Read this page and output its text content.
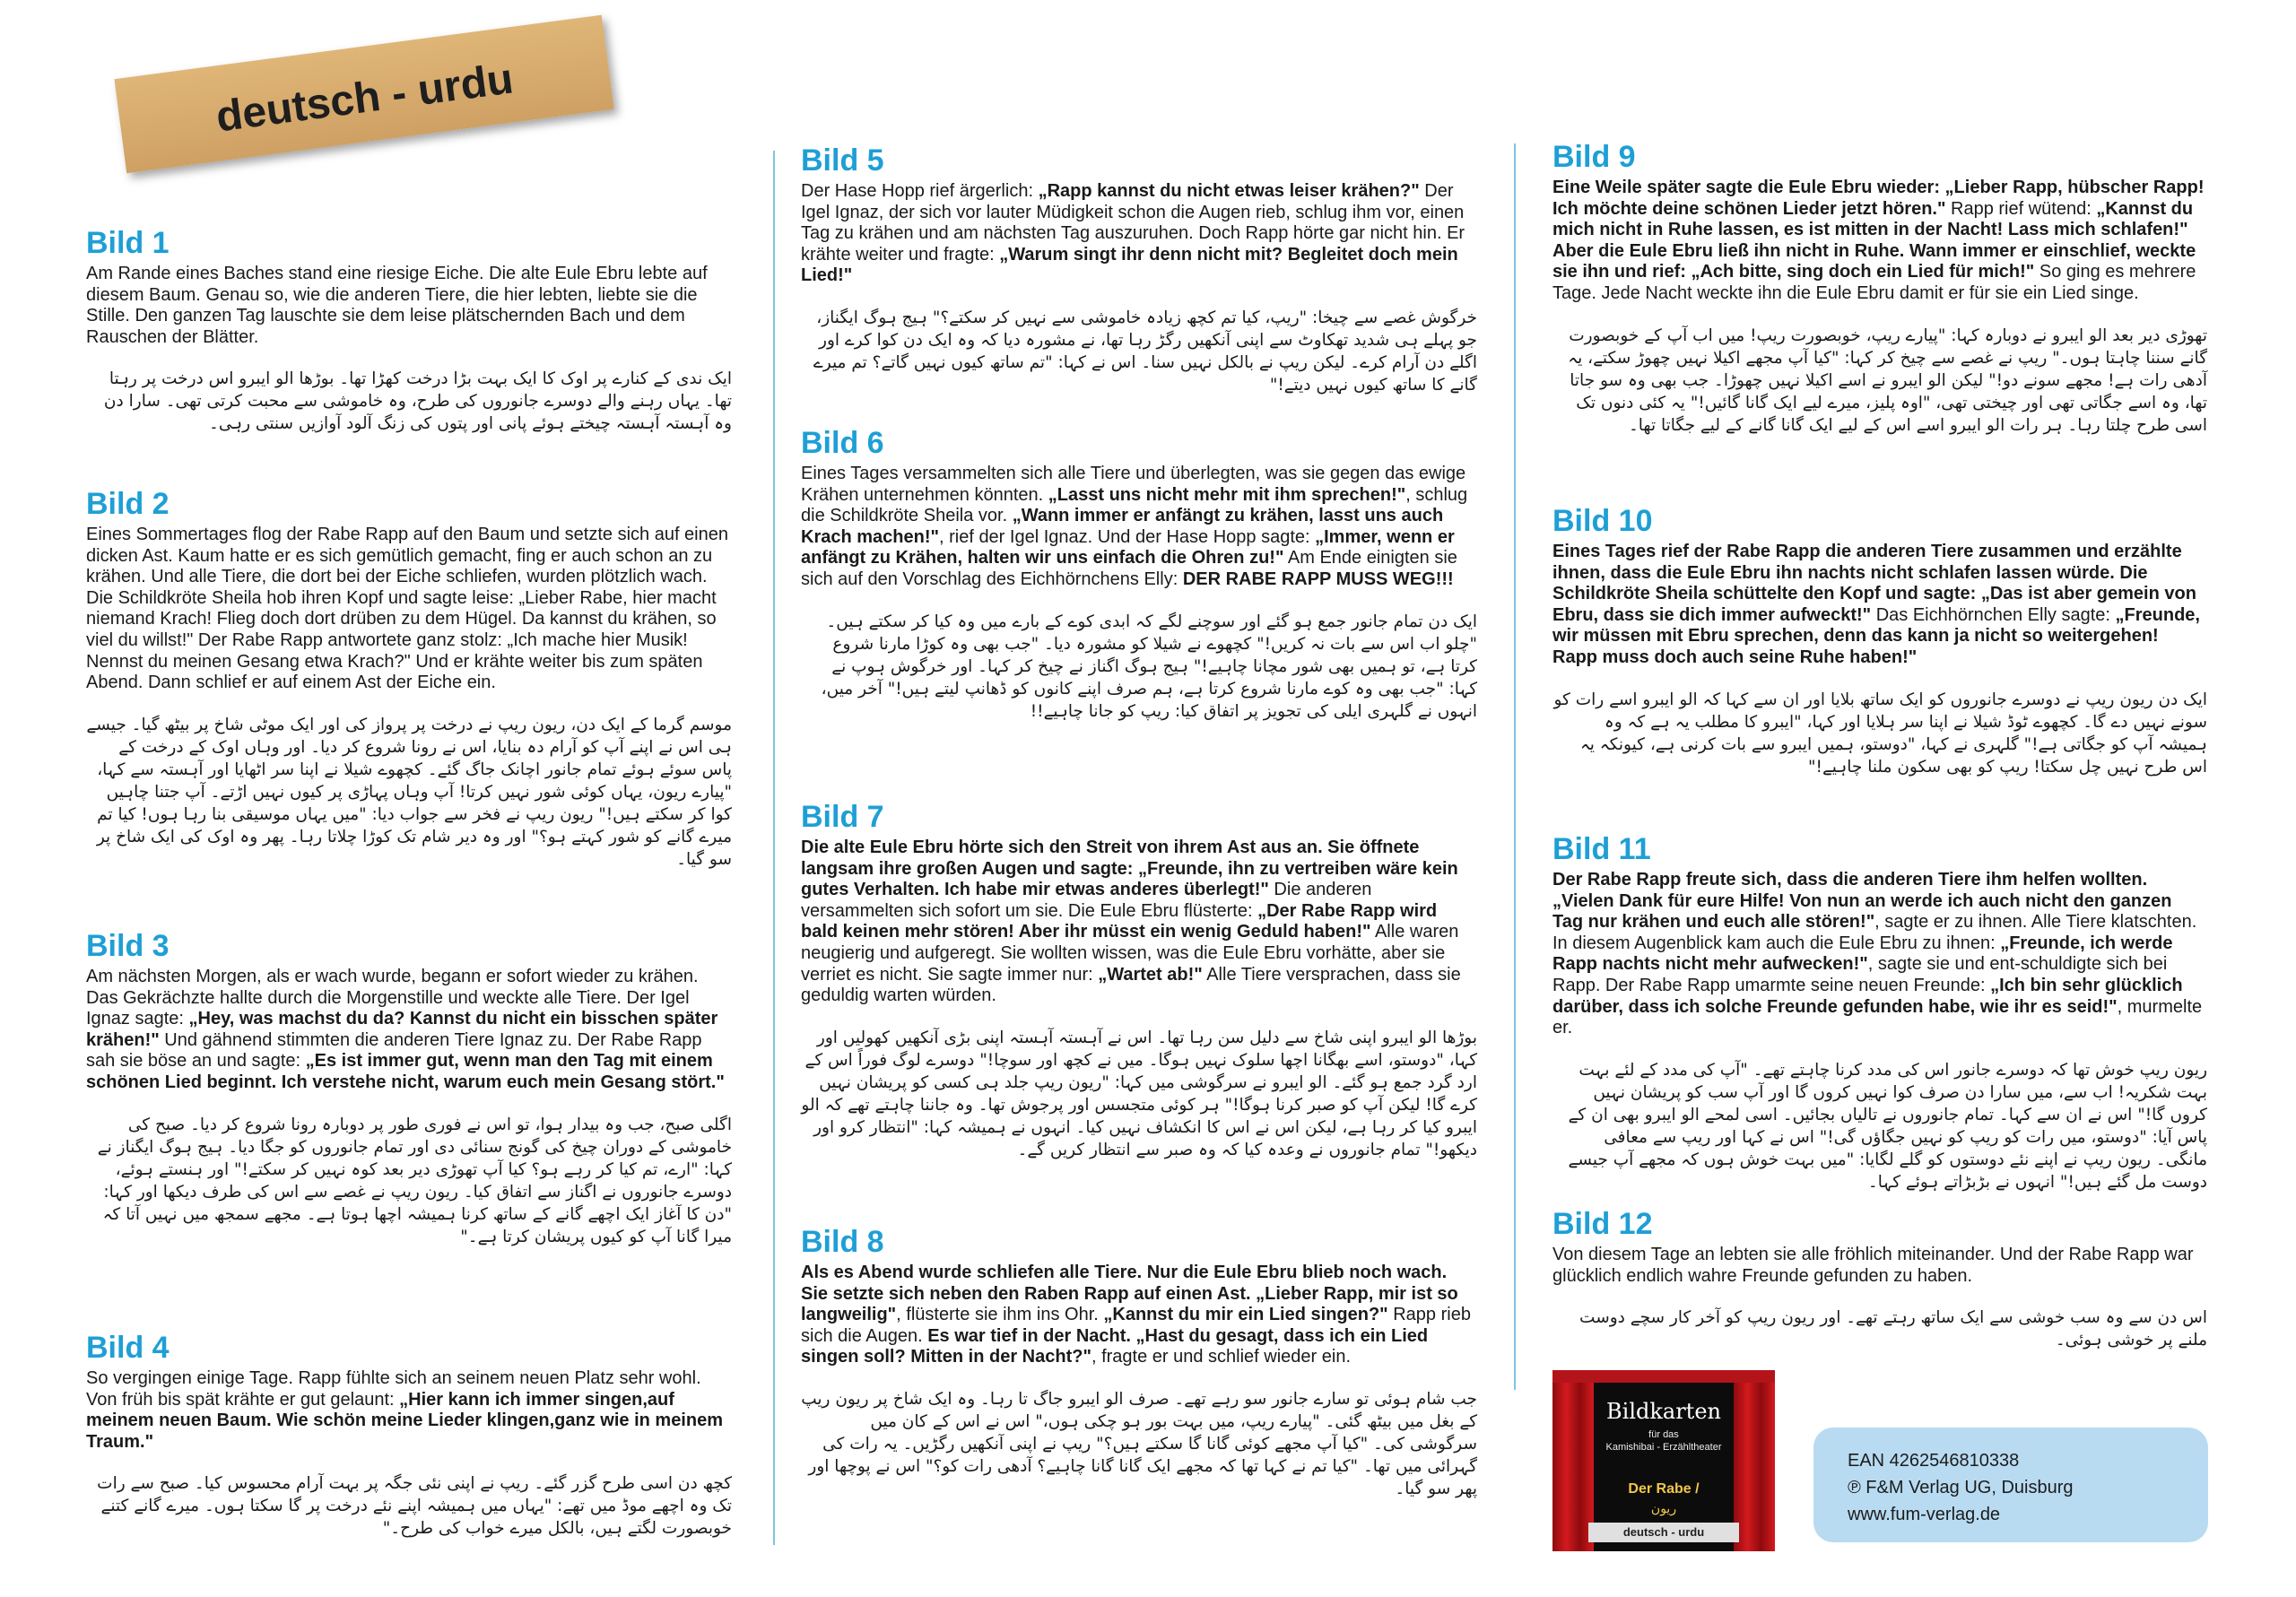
deutsch - urdu
Bild 1

Am Rande eines Baches stand eine riesige Eiche. Die alte Eule Ebru lebte auf diesem Baum. Genau so, wie die anderen Tiere, die hier lebten, liebte sie die Stille. Den ganzen Tag lauschte sie dem leise plätschernden Bach und dem Rauschen der Blätter.

ایک ندی کے کنارے پر اوک کا ایک بہت بڑا درخت کھڑا تھا۔ بوڑھا الو ایبرو اس درخت پر رہتا تھا۔ یہاں رہنے والے دوسرے جانوروں کی طرح، وہ خاموشی سے محبت کرتی تھی۔ سارا دن وہ آہستہ آہستہ چیختے ہوئے پانی اور پتوں کی زنگ آلود آوازیں سنتی رہی۔

Bild 2

Eines Sommertages flog der Rabe Rapp auf den Baum und setzte sich auf einen dicken Ast. Kaum hatte er es sich gemütlich gemacht, fing er auch schon an zu krähen. Und alle Tiere, die dort bei der Eiche schliefen, wurden plötzlich wach. Die Schildkröte Sheila hob ihren Kopf und sagte leise: „Lieber Rabe, hier macht niemand Krach! Flieg doch dort drüben zu dem Hügel. Da kannst du krähen, so viel du willst!" Der Rabe Rapp antwortete ganz stolz: „Ich mache hier Musik! Nennst du meinen Gesang etwa Krach?" Und er krähte weiter bis zum späten Abend. Dann schlief er auf einem Ast der Eiche ein.

موسم گرما کے ایک دن، ریون ریپ نے درخت پر پرواز کی اور ایک موٹی شاخ پر بیٹھ گیا۔ جیسے ہی اس نے اپنے آپ کو آرام دہ بنایا، اس نے رونا شروع کر دیا۔ اور وہاں اوک کے درخت کے پاس سوئے ہوئے تمام جانور اچانک جاگ گئے۔ کچھوے شیلا نے اپنا سر اٹھایا اور آہستہ سے کہا، "پیارے ریون، یہاں کوئی شور نہیں کرتا! آپ وہاں پہاڑی پر کیوں نہیں اڑتے۔ آپ جتنا چاہیں کوا کر سکتے ہیں!" ریون ریپ نے فخر سے جواب دیا: "میں یہاں موسیقی بنا رہا ہوں! کیا تم میرے گانے کو شور کہتے ہو؟" اور وہ دیر شام تک کوڑا چلاتا رہا۔ پھر وہ اوک کی ایک شاخ پر سو گیا۔

Bild 3

Am nächsten Morgen, als er wach wurde, begann er sofort wieder zu krähen. Das Gekrächzte hallte durch die Morgenstille und weckte alle Tiere. Der Igel Ignaz sagte: „Hey, was machst du da? Kannst du nicht ein bisschen später krähen!" Und gähnend stimmten die anderen Tiere Ignaz zu. Der Rabe Rapp sah sie böse an und sagte: „Es ist immer gut, wenn man den Tag mit einem schönen Lied beginnt. Ich verstehe nicht, warum euch mein Gesang stört."

اگلی صبح، جب وہ بیدار ہوا، تو اس نے فوری طور پر دوبارہ رونا شروع کر دیا۔ صبح کی خاموشی کے دوران چیخ کی گونج سنائی دی اور تمام جانوروں کو جگا دیا۔ ہیج ہوگ ایگناز نے کہا: "ارے، تم کیا کر رہے ہو؟ کیا آپ تھوڑی دیر بعد کوہ نہیں کر سکتے!" اور ہنستے ہوئے، دوسرے جانوروں نے اگناز سے اتفاق کیا۔ ریون ریپ نے غصے سے اس کی طرف دیکھا اور کہا: "دن کا آغاز ایک اچھے گانے کے ساتھ کرنا ہمیشہ اچھا ہوتا ہے۔ مجھے سمجھ میں نہیں آتا کہ میرا گانا آپ کو کیوں پریشان کرتا ہے۔"

Bild 4

So vergingen einige Tage. Rapp fühlte sich an seinem neuen Platz sehr wohl. Von früh bis spät krähte er gut gelaunt: „Hier kann ich immer singen,auf meinem neuen Baum. Wie schön meine Lieder klingen,ganz wie in meinem Traum."

کچھ دن اسی طرح گزر گئے۔ ریپ نے اپنی نئی جگہ پر بہت آرام محسوس کیا۔ صبح سے رات تک وہ اچھے موڈ میں تھے: "یہاں میں ہمیشہ اپنے نئے درخت پر گا سکتا ہوں۔ میرے گانے کتنے خوبصورت لگتے ہیں، بالکل میرے خواب کی طرح۔"

Bild 5

Der Hase Hopp rief ärgerlich: „Rapp kannst du nicht etwas leiser krähen?" Der Igel Ignaz, der sich vor lauter Müdigkeit schon die Augen rieb, schlug ihm vor, einen Tag zu krähen und am nächsten Tag auszuruhen. Doch Rapp hörte gar nicht hin. Er krähte weiter und fragte: „Warum singt ihr denn nicht mit? Begleitet doch mein Lied!"

خرگوش غصے سے چیخا: "ریپ، کیا تم کچھ زیادہ خاموشی سے نہیں کر سکتے؟" ہیج ہوگ ایگناز، جو پہلے ہی شدید تھکاوٹ سے اپنی آنکھیں رگڑ رہا تھا، نے مشورہ دیا کہ وہ ایک دن کوا کرے اور اگلے دن آرام کرے۔ لیکن ریپ نے بالکل نہیں سنا۔ اس نے کہا: "تم ساتھ کیوں نہیں گاتے؟ تم میرے گانے کا ساتھ کیوں نہیں دیتے!"

Bild 6

Eines Tages versammelten sich alle Tiere und überlegten, was sie gegen das ewige Krähen unternehmen könnten. „Lasst uns nicht mehr mit ihm sprechen!", schlug die Schildkröte Sheila vor. „Wann immer er anfängt zu krähen, lasst uns auch Krach machen!", rief der Igel Ignaz. Und der Hase Hopp sagte: „Immer, wenn er anfängt zu Krähen, halten wir uns einfach die Ohren zu!" Am Ende einigten sie sich auf den Vorschlag des Eichhörnchens Elly: DER RABE RAPP MUSS WEG!!!

ایک دن تمام جانور جمع ہو گئے اور سوچنے لگے کہ ابدی کوے کے بارے میں وہ کیا کر سکتے ہیں۔ "چلو اب اس سے بات نہ کریں!" کچھوے نے شیلا کو مشورہ دیا۔ "جب بھی وہ کوڑا مارنا شروع کرتا ہے، تو ہمیں بھی شور مچانا چاہیے!" ہیج ہوگ اگناز نے چیخ کر کہا۔ اور خرگوش ہوپ نے کہا: "جب بھی وہ کوے مارنا شروع کرتا ہے، ہم صرف اپنے کانوں کو ڈھانپ لیتے ہیں!" آخر میں، انہوں نے گلہری ایلی کی تجویز پر اتفاق کیا: ریپ کو جانا چاہیے!!

Bild 7

Die alte Eule Ebru hörte sich den Streit von ihrem Ast aus an. Sie öffnete langsam ihre großen Augen und sagte: „Freunde, ihn zu vertreiben wäre kein gutes Verhalten. Ich habe mir etwas anderes überlegt!" Die anderen versammelten sich sofort um sie. Die Eule Ebru flüsterte: „Der Rabe Rapp wird bald keinen mehr stören! Aber ihr müsst ein wenig Geduld haben!" Alle waren neugierig und aufgeregt. Sie wollten wissen, was die Eule Ebru vorhätte, aber sie verriet es nicht. Sie sagte immer nur: „Wartet ab!" Alle Tiere versprachen, dass sie geduldig warten würden.

بوڑھا الو ایبرو اپنی شاخ سے دلیل سن رہا تھا۔ اس نے آہستہ آہستہ اپنی بڑی آنکھیں کھولیں اور کہا، "دوستو، اسے بھگانا اچھا سلوک نہیں ہوگا۔ میں نے کچھ اور سوچا!" دوسرے لوگ فوراً اس کے ارد گرد جمع ہو گئے۔ الو ایبرو نے سرگوشی میں کہا: "ریون ریپ جلد ہی کسی کو پریشان نہیں کرے گا! لیکن آپ کو صبر کرنا ہوگا!" ہر کوئی متجسس اور پرجوش تھا۔ وہ جاننا چاہتے تھے کہ الو ایبرو کیا کر رہا ہے، لیکن اس نے اس کا انکشاف نہیں کیا۔ انہوں نے ہمیشہ کہا: "انتظار کرو اور دیکھو!" تمام جانوروں نے وعدہ کیا کہ وہ صبر سے انتظار کریں گے۔

Bild 8

Als es Abend wurde schliefen alle Tiere. Nur die Eule Ebru blieb noch wach. Sie setzte sich neben den Raben Rapp auf einen Ast. „Lieber Rapp, mir ist so langweilig", flüsterte sie ihm ins Ohr. „Kannst du mir ein Lied singen?" Rapp rieb sich die Augen. Es war tief in der Nacht. „Hast du gesagt, dass ich ein Lied singen soll? Mitten in der Nacht?", fragte er und schlief wieder ein.

جب شام ہوئی تو سارے جانور سو رہے تھے۔ صرف الو ایبرو جاگ تا رہا۔ وہ ایک شاخ پر ریون ریپ کے بغل میں بیٹھ گئی۔ "پیارے ریپ، میں بہت بور ہو چکی ہوں،" اس نے اس کے کان میں سرگوشی کی۔ "کیا آپ مجھے کوئی گانا گا سکتے ہیں؟" ریپ نے اپنی آنکھیں رگڑیں۔ یہ رات کی گہرائی میں تھا۔ "کیا تم نے کہا تھا کہ مجھے ایک گانا گانا چاہیے؟ آدھی رات کو؟" اس نے پوچھا اور پھر سو گیا۔

Bild 9

Eine Weile später sagte die Eule Ebru wieder: „Lieber Rapp, hübscher Rapp! Ich möchte deine schönen Lieder jetzt hören." Rapp rief wütend: „Kannst du mich nicht in Ruhe lassen, es ist mitten in der Nacht! Lass mich schlafen!" Aber die Eule Ebru ließ ihn nicht in Ruhe. Wann immer er einschlief, weckte sie ihn und rief: „Ach bitte, sing doch ein Lied für mich!" So ging es mehrere Tage. Jede Nacht weckte ihn die Eule Ebru damit er für sie ein Lied singe.

تھوڑی دیر بعد الو ایبرو نے دوبارہ کہا: "پیارے ریپ، خوبصورت ریپ! میں اب آپ کے خوبصورت گانے سننا چاہتا ہوں۔" ریپ نے غصے سے چیخ کر کہا: "کیا آپ مجھے اکیلا نہیں چھوڑ سکتے، یہ آدھی رات ہے! مجھے سونے دو!" لیکن الو ایبرو نے اسے اکیلا نہیں چھوڑا۔ جب بھی وہ سو جاتا تھا، وہ اسے جگاتی تھی اور چیختی تھی، "اوہ پلیز، میرے لیے ایک گانا گائیں!" یہ کئی دنوں تک اسی طرح چلتا رہا۔ ہر رات الو ایبرو اسے اس کے لیے ایک گانا گانے کے لیے جگاتا تھا۔

Bild 10

Eines Tages rief der Rabe Rapp die anderen Tiere zusammen und erzählte ihnen, dass die Eule Ebru ihn nachts nicht schlafen lassen würde. Die Schildkröte Sheila schüttelte den Kopf und sagte: „Das ist aber gemein von Ebru, dass sie dich immer aufweckt!" Das Eichhörnchen Elly sagte: „Freunde, wir müssen mit Ebru sprechen, denn das kann ja nicht so weitergehen! Rapp muss doch auch seine Ruhe haben!"

ایک دن ریون ریپ نے دوسرے جانوروں کو ایک ساتھ بلایا اور ان سے کہا کہ الو ایبرو اسے رات کو سونے نہیں دے گا۔ کچھوے ٹوڈ شیلا نے اپنا سر ہلایا اور کہا، "ایبرو کا مطلب یہ ہے کہ وہ ہمیشہ آپ کو جگاتی ہے!" گلہری نے کہا، "دوستو، ہمیں ایبرو سے بات کرنی ہے، کیونکہ یہ اس طرح نہیں چل سکتا! ریپ کو بھی سکون ملنا چاہیے!"

Bild 11

Der Rabe Rapp freute sich, dass die anderen Tiere ihm helfen wollten. „Vielen Dank für eure Hilfe! Von nun an werde ich auch nicht den ganzen Tag nur krähen und euch alle stören!", sagte er zu ihnen. Alle Tiere klatschten. In diesem Augenblick kam auch die Eule Ebru zu ihnen: „Freunde, ich werde Rapp nachts nicht mehr aufwecken!", sagte sie und ent-schuldigte sich bei Rapp. Der Rabe Rapp umarmte seine neuen Freunde: „Ich bin sehr glücklich darüber, dass ich solche Freunde gefunden habe, wie ihr es seid!", murmelte er.

ریون ریپ خوش تھا کہ دوسرے جانور اس کی مدد کرنا چاہتے تھے۔ "آپ کی مدد کے لئے بہت بہت شکریہ! اب سے، میں سارا دن صرف کوا نہیں کروں گا اور آپ سب کو پریشان نہیں کروں گا!" اس نے ان سے کہا۔ تمام جانوروں نے تالیاں بجائیں۔ اسی لمحے الو ایبرو بھی ان کے پاس آیا: "دوستو، میں رات کو ریپ کو نہیں جگاؤں گی!" اس نے کہا اور ریپ سے معافی مانگی۔ ریون ریپ نے اپنے نئے دوستوں کو گلے لگایا: "میں بہت خوش ہوں کہ مجھے آپ جیسے دوست مل گئے ہیں!" انہوں نے بڑبڑاتے ہوئے کہا۔

Bild 12

Von diesem Tage an lebten sie alle fröhlich miteinander. Und der Rabe Rapp war glücklich endlich wahre Freunde gefunden zu haben.

اس دن سے وہ سب خوشی سے ایک ساتھ رہتے تھے۔ اور ریون ریپ کو آخر کار سچے دوست ملنے پر خوشی ہوئی۔

Bildkarten
für das
Kamishibai - Erzähltheater
Der Rabe /
ریون
deutsch - urdu
EAN 4262546810338
℗ F&M Verlag UG, Duisburg
www.fum-verlag.de
